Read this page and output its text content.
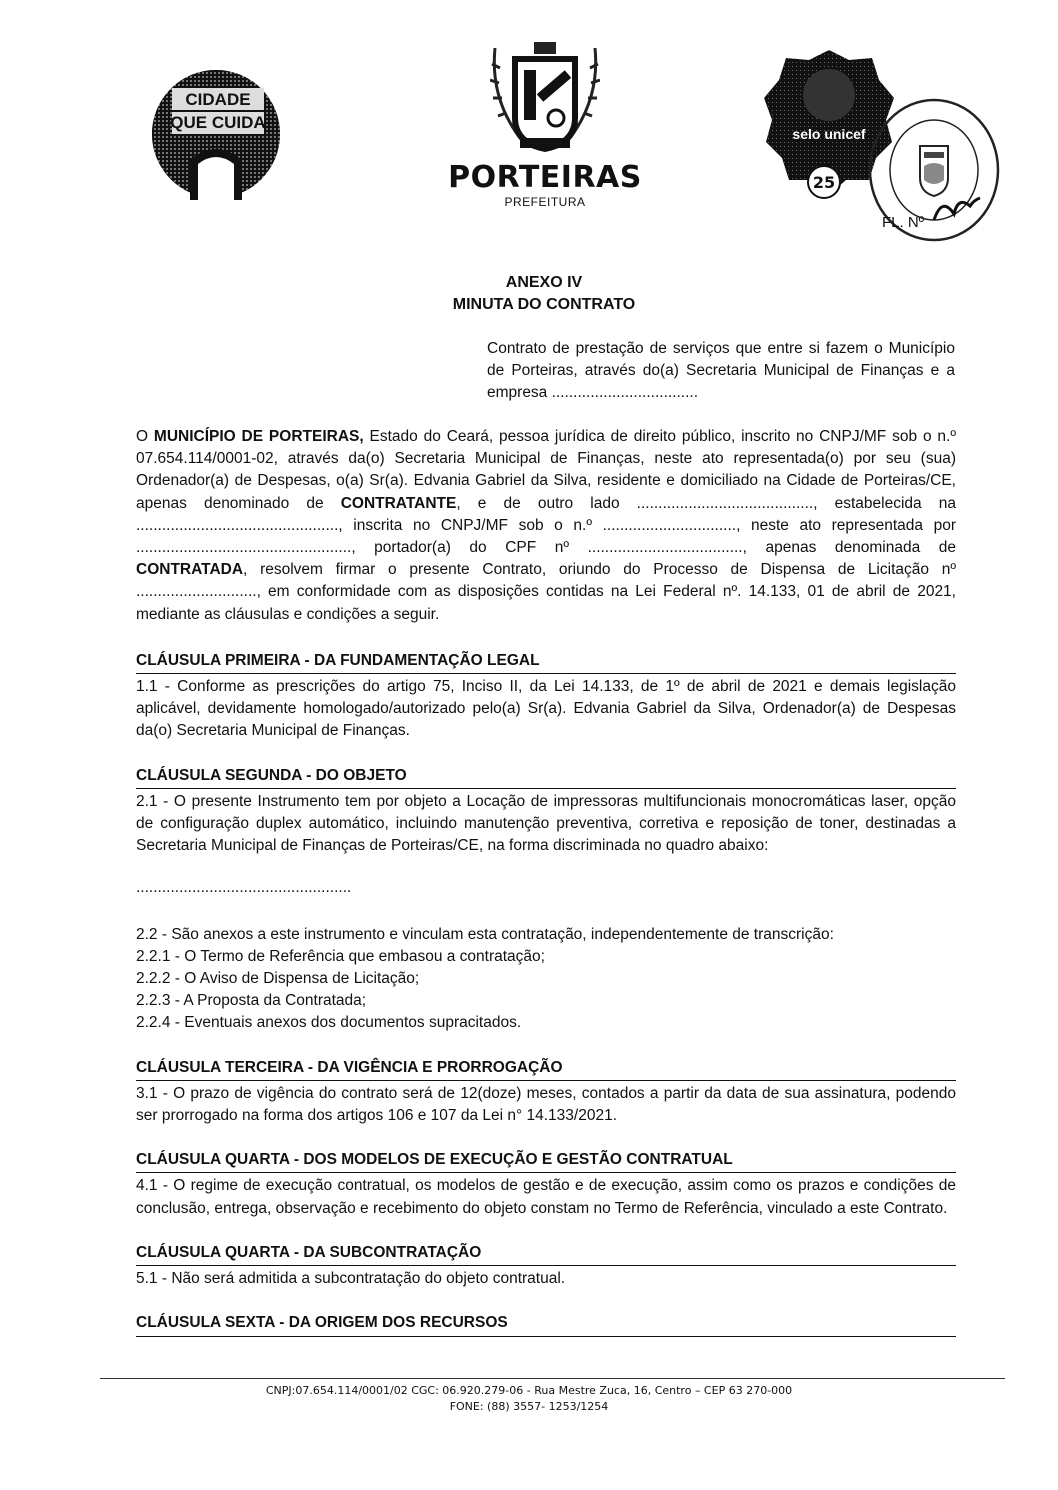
CIDADE QUE CUIDA
PORTEIRAS
PREFEITURA
25
selo unicef
FL. Nº
ANEXO IV
MINUTA DO CONTRATO
Contrato de prestação de serviços que entre si fazem o Município de Porteiras, através do(a) Secretaria Municipal de Finanças e a empresa ..................................

O MUNICÍPIO DE PORTEIRAS, Estado do Ceará, pessoa jurídica de direito público, inscrito no CNPJ/MF sob o n.º 07.654.114/0001-02, através da(o) Secretaria Municipal de Finanças, neste ato representada(o) por seu (sua) Ordenador(a) de Despesas, o(a) Sr(a). Edvania Gabriel da Silva, residente e domiciliado na Cidade de Porteiras/CE, apenas denominado de CONTRATANTE, e de outro lado ........................................., estabelecida na ..............................................., inscrita no CNPJ/MF sob o n.º ..............................., neste ato representada por .................................................., portador(a) do CPF nº ...................................., apenas denominada de CONTRATADA, resolvem firmar o presente Contrato, oriundo do Processo de Dispensa de Licitação nº ............................, em conformidade com as disposições contidas na Lei Federal nº. 14.133, 01 de abril de 2021, mediante as cláusulas e condições a seguir.

CLÁUSULA PRIMEIRA - DA FUNDAMENTAÇÃO LEGAL

1.1 - Conforme as prescrições do artigo 75, Inciso II, da Lei 14.133, de 1º de abril de 2021 e demais legislação aplicável, devidamente homologado/autorizado pelo(a) Sr(a). Edvania Gabriel da Silva, Ordenador(a) de Despesas da(o) Secretaria Municipal de Finanças.

CLÁUSULA SEGUNDA - DO OBJETO

2.1 - O presente Instrumento tem por objeto a Locação de impressoras multifuncionais monocromáticas laser, opção de configuração duplex automático, incluindo manutenção preventiva, corretiva e reposição de toner, destinadas a Secretaria Municipal de Finanças de Porteiras/CE, na forma discriminada no quadro abaixo:

..................................................
2.2 - São anexos a este instrumento e vinculam esta contratação, independentemente de transcrição:
2.2.1 - O Termo de Referência que embasou a contratação;
2.2.2 - O Aviso de Dispensa de Licitação;
2.2.3 - A Proposta da Contratada;
2.2.4 - Eventuais anexos dos documentos supracitados.
CLÁUSULA TERCEIRA - DA VIGÊNCIA E PRORROGAÇÃO

3.1 - O prazo de vigência do contrato será de 12(doze) meses, contados a partir da data de sua assinatura, podendo ser prorrogado na forma dos artigos 106 e 107 da Lei n° 14.133/2021.

CLÁUSULA QUARTA - DOS MODELOS DE EXECUÇÃO E GESTÃO CONTRATUAL

4.1 - O regime de execução contratual, os modelos de gestão e de execução, assim como os prazos e condições de conclusão, entrega, observação e recebimento do objeto constam no Termo de Referência, vinculado a este Contrato.

CLÁUSULA QUARTA - DA SUBCONTRATAÇÃO

5.1 - Não será admitida a subcontratação do objeto contratual.

CLÁUSULA SEXTA - DA ORIGEM DOS RECURSOS
CNPJ:07.654.114/0001/02 CGC: 06.920.279-06 - Rua Mestre Zuca, 16, Centro – CEP 63 270-000
FONE: (88) 3557- 1253/1254
